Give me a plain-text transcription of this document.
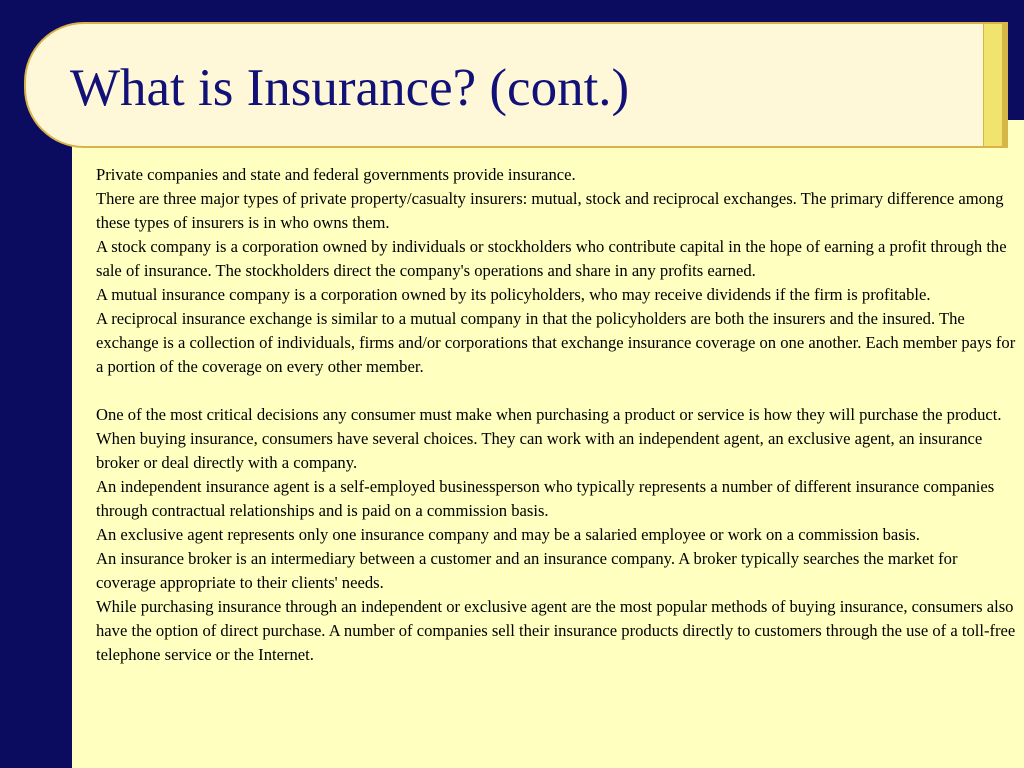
What is Insurance? (cont.)

Private companies and state and federal governments provide insurance.

There are three major types of private property/casualty insurers: mutual, stock and reciprocal exchanges. The primary difference among these types of insurers is in who owns them.

A stock company is a corporation owned by individuals or stockholders who contribute capital in the hope of earning a profit through the sale of insurance. The stockholders direct the company's operations and share in any profits earned.

A mutual insurance company is a corporation owned by its policyholders, who may receive dividends if the firm is profitable.

A reciprocal insurance exchange is similar to a mutual company in that the policyholders are both the insurers and the insured. The exchange is a collection of individuals, firms and/or corporations that exchange insurance coverage on one another. Each member pays for a portion of the coverage on every other member.

One of the most critical decisions any consumer must make when purchasing a product or service is how they will purchase the product. When buying insurance, consumers have several choices. They can work with an independent agent, an exclusive agent, an insurance broker or deal directly with a company.

An independent insurance agent is a self-employed businessperson who typically represents a number of different insurance companies through contractual relationships and is paid on a commission basis.

An exclusive agent represents only one insurance company and may be a salaried employee or work on a commission basis.

An insurance broker is an intermediary between a customer and an insurance company. A broker typically searches the market for coverage appropriate to their clients' needs.

While purchasing insurance through an independent or exclusive agent are the most popular methods of buying insurance, consumers also have the option of direct purchase. A number of companies sell their insurance products directly to customers through the use of a toll-free telephone service or the Internet.
